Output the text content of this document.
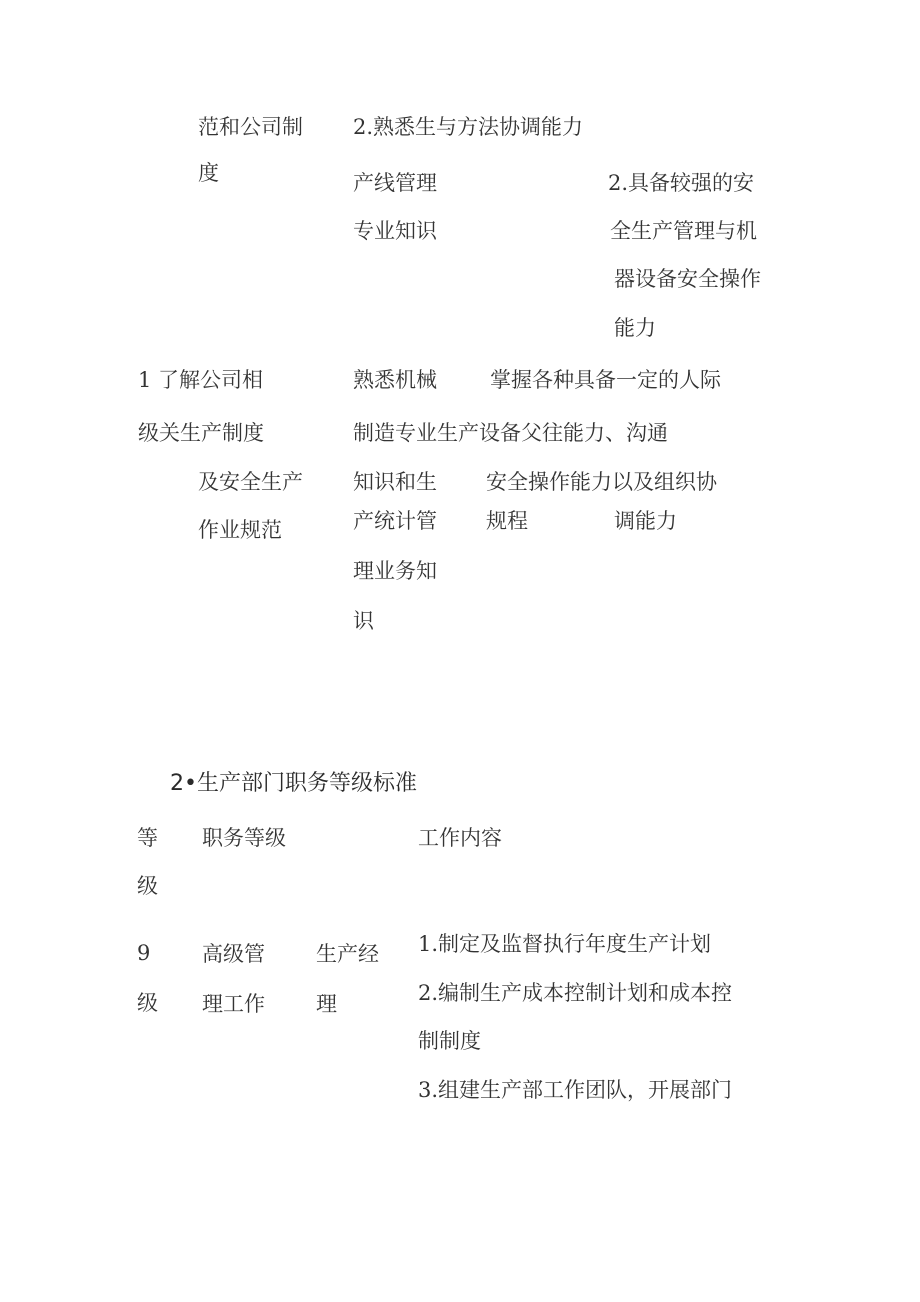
范和公司制
度
2.熟悉生与方法协调能力
产线管理
专业知识
2.具备较强的安
全生产管理与机
器设备安全操作
能力
1 了解公司相
级关生产制度
及安全生产
作业规范
熟悉机械
制造专业生产设备父往能力、沟通
知识和生
产统计管
理业务知
识
掌握各种具备一定的人际
安全操作能力以及组织协
规程	调能力
2•生产部门职务等级标准
等
级
职务等级	工作内容
9
级
高级管
理工作
生产经
理
1.制定及监督执行年度生产计划
2.编制生产成本控制计划和成本控
制制度
3.组建生产部工作团队，开展部门
